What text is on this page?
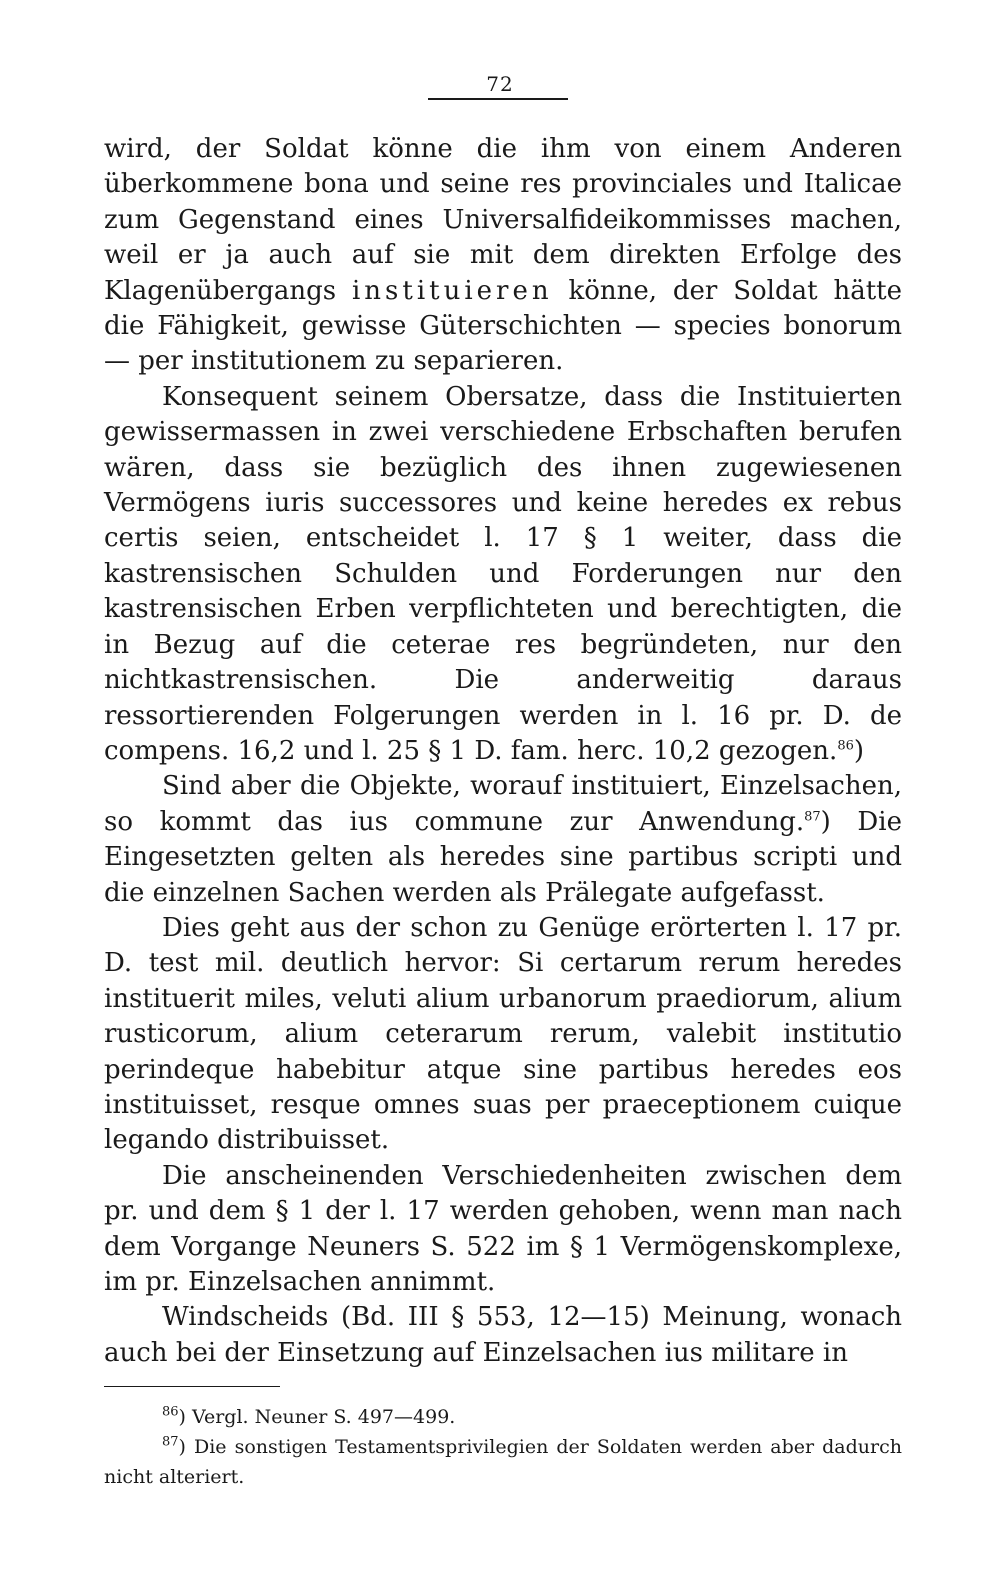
72

wird, der Soldat könne die ihm von einem Anderen überkommene bona und seine res provinciales und Italicae zum Gegenstand eines Universalfideikommisses machen, weil er ja auch auf sie mit dem direkten Erfolge des Klagenübergangs instituieren könne, der Soldat hätte die Fähigkeit, gewisse Güterschichten — species bonorum — per institutionem zu separieren.

Konsequent seinem Obersatze, dass die Instituierten gewissermassen in zwei verschiedene Erbschaften berufen wären, dass sie bezüglich des ihnen zugewiesenen Vermögens iuris successores und keine heredes ex rebus certis seien, entscheidet l. 17 § 1 weiter, dass die kastrensischen Schulden und Forderungen nur den kastrensischen Erben verpflichteten und berechtigten, die in Bezug auf die ceterae res begründeten, nur den nichtkastrensischen. Die anderweitig daraus ressortierenden Folgerungen werden in l. 16 pr. D. de compens. 16,2 und l. 25 § 1 D. fam. herc. 10,2 gezogen.$^{86}$)

Sind aber die Objekte, worauf instituiert, Einzelsachen, so kommt das ius commune zur Anwendung.$^{87}$) Die Eingesetzten gelten als heredes sine partibus scripti und die einzelnen Sachen werden als Prälegate aufgefasst.

Dies geht aus der schon zu Genüge erörterten l. 17 pr. D. test mil. deutlich hervor: Si certarum rerum heredes instituerit miles, veluti alium urbanorum praediorum, alium rusticorum, alium ceterarum rerum, valebit institutio perindeque habebitur atque sine partibus heredes eos instituisset, resque omnes suas per praeceptionem cuique legando distribuisset.

Die anscheinenden Verschiedenheiten zwischen dem pr. und dem § 1 der l. 17 werden gehoben, wenn man nach dem Vorgange Neuners S. 522 im § 1 Vermögenskomplexe, im pr. Einzelsachen annimmt.

Windscheids (Bd. III § 553, 12—15) Meinung, wonach auch bei der Einsetzung auf Einzelsachen ius militare in

$^{86}$) Vergl. Neuner S. 497—499.

$^{87}$) Die sonstigen Testamentsprivilegien der Soldaten werden aber dadurch nicht alteriert.
